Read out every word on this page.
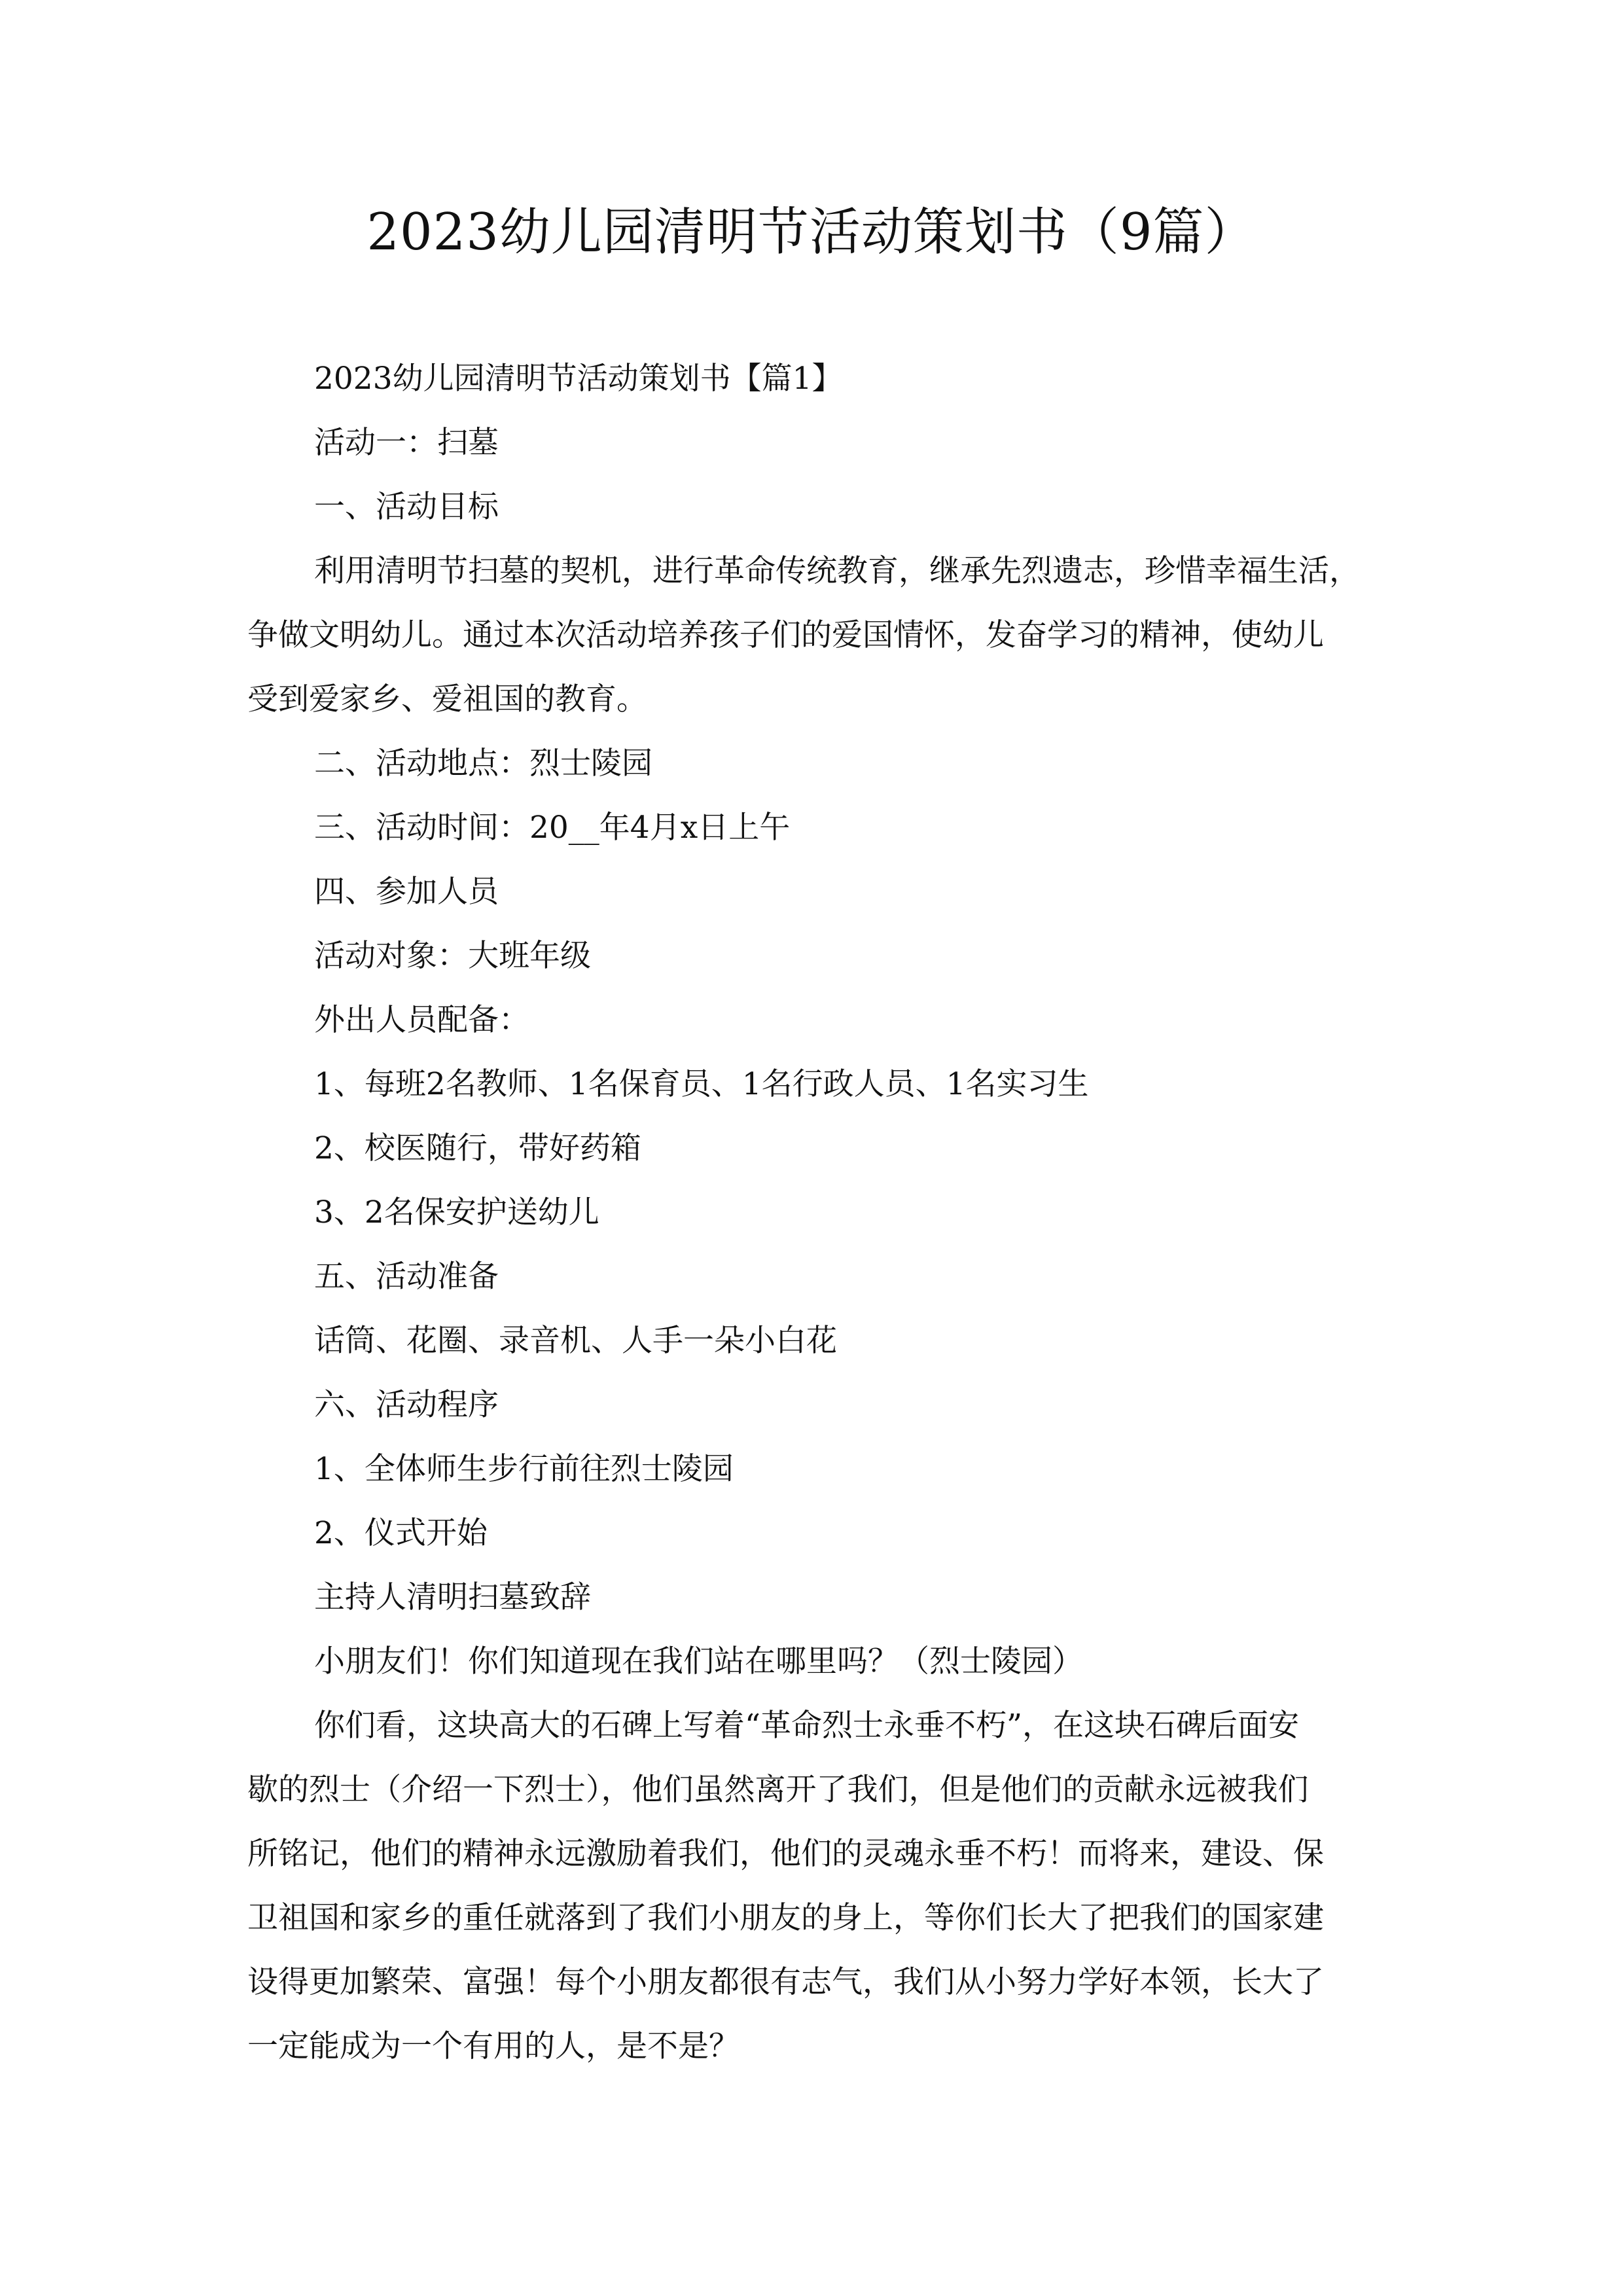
2023幼儿园清明节活动策划书（9篇）
2023幼儿园清明节活动策划书【篇1】
活动一：扫墓
一、活动目标
利用清明节扫墓的契机，进行革命传统教育，继承先烈遗志，珍惜幸福生活，
争做文明幼儿。通过本次活动培养孩子们的爱国情怀，发奋学习的精神，使幼儿
受到爱家乡、爱祖国的教育。
二、活动地点：烈士陵园
三、活动时间：20__年4月x日上午
四、参加人员
活动对象：大班年级
外出人员配备：
1、每班2名教师、1名保育员、1名行政人员、1名实习生
2、校医随行，带好药箱
3、2名保安护送幼儿
五、活动准备
话筒、花圈、录音机、人手一朵小白花
六、活动程序
1、全体师生步行前往烈士陵园
2、仪式开始
主持人清明扫墓致辞
小朋友们！你们知道现在我们站在哪里吗？（烈士陵园）
你们看，这块高大的石碑上写着“革命烈士永垂不朽”，在这块石碑后面安
歇的烈士（介绍一下烈士），他们虽然离开了我们，但是他们的贡献永远被我们
所铭记，他们的精神永远激励着我们，他们的灵魂永垂不朽！而将来，建设、保
卫祖国和家乡的重任就落到了我们小朋友的身上，等你们长大了把我们的国家建
设得更加繁荣、富强！每个小朋友都很有志气，我们从小努力学好本领，长大了
一定能成为一个有用的人，是不是？
